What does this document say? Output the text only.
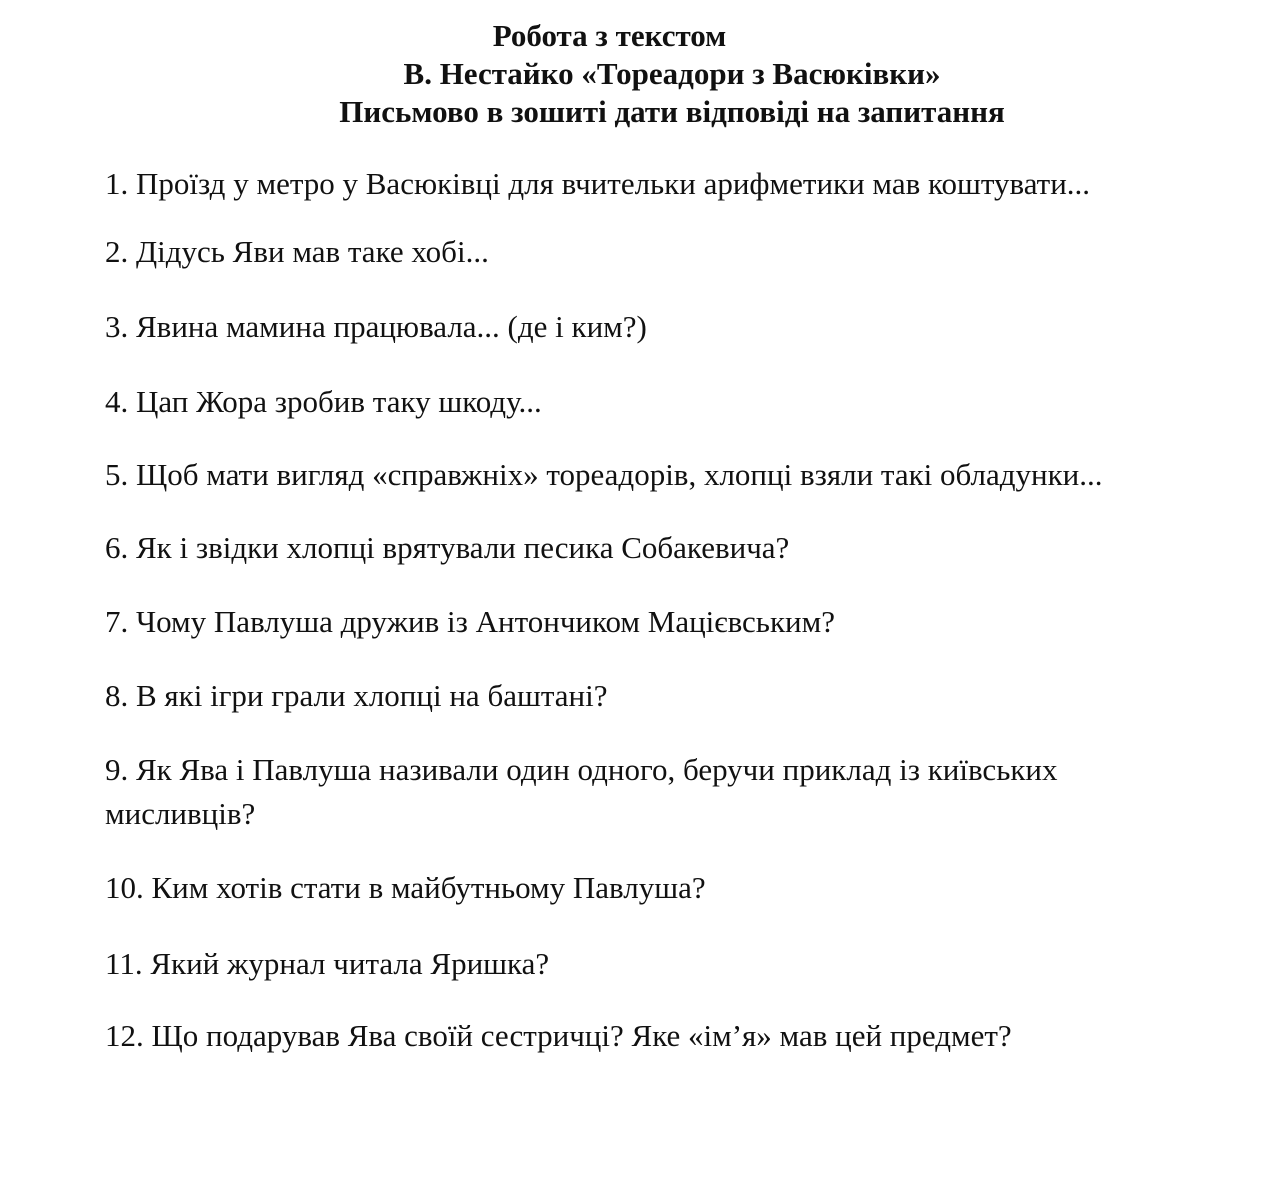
Робота з текстом
В. Нестайко «Тореадори з Васюківки»
Письмово в зошиті дати відповіді на запитання
1. Проїзд у метро у Васюківці для вчительки арифметики мав коштувати...
2. Дідусь Яви мав таке хобі...
3. Явина мамина працювала... (де і ким?)
4. Цап Жора зробив таку шкоду...
5. Щоб мати вигляд «справжніх» тореадорів, хлопці взяли такі обладунки...
6. Як і звідки хлопці врятували песика Собакевича?
7. Чому Павлуша дружив із Антончиком Мацієвським?
8. В які ігри грали хлопці на баштані?
9. Як Ява і Павлуша називали один одного, беручи приклад із київських мисливців?
10. Ким хотів стати в майбутньому Павлуша?
11. Який журнал читала Яришка?
12. Що подарував Ява своїй сестричці? Яке «ім’я» мав цей предмет?
